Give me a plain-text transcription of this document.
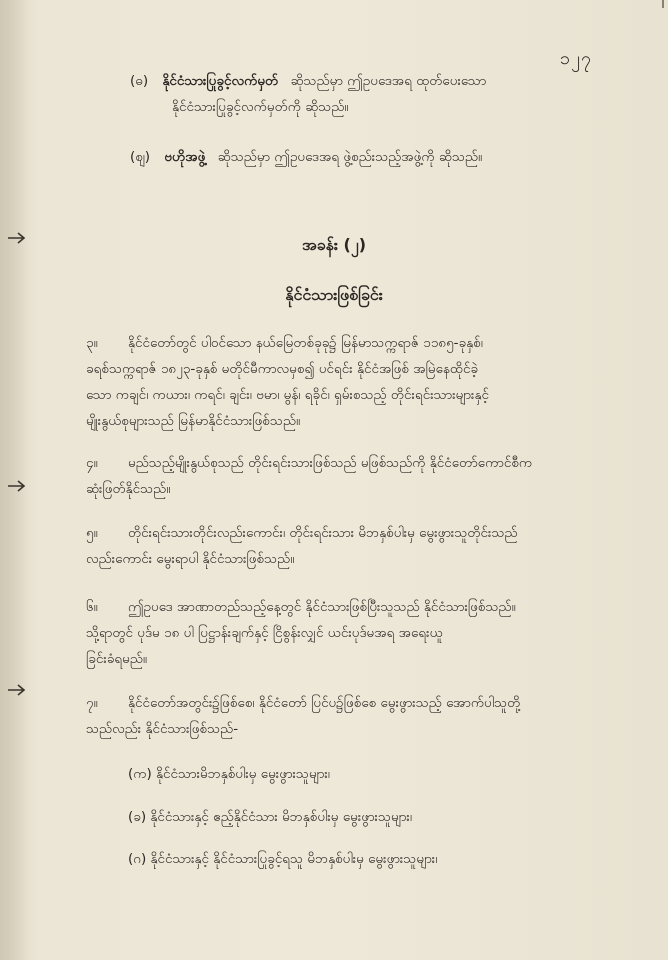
၁၂၇
(ဓ) နိုင်ငံသားပြုခွင့်လက်မှတ် ဆိုသည်မှာ ဤဥပဒေအရ ထုတ်ပေးသော
နိုင်ငံသားပြုခွင့်လက်မှတ်ကို ဆိုသည်။
(ဈ) ဗဟိုအဖွဲ့ ဆိုသည်မှာ ဤဥပဒေအရ ဖွဲ့စည်းသည့်အဖွဲ့ကို ဆိုသည်။
အခန်း (၂)
နိုင်ငံသားဖြစ်ခြင်း
၃။ နိုင်ငံတော်တွင် ပါဝင်သော နယ်မြေတစ်ခုခု၌ မြန်မာသက္ကရာဇ် ၁၁၈၅-ခုနှစ်၊
ခရစ်သက္ကရာဇ် ၁၈၂၃-ခုနှစ် မတိုင်မီကာလမှစ၍ ပင်ရင်း နိုင်ငံအဖြစ် အမြဲနေထိုင်ခဲ့
သော ကချင်၊ ကယား၊ ကရင်၊ ချင်း၊ ဗမာ၊ မွန်၊ ရခိုင်၊ ရှမ်းစသည့် တိုင်းရင်းသားများနှင့်
မျိုးနွယ်စုများသည် မြန်မာနိုင်ငံသားဖြစ်သည်။
၄။ မည်သည့်မျိုးနွယ်စုသည် တိုင်းရင်းသားဖြစ်သည် မဖြစ်သည်ကို နိုင်ငံတော်ကောင်စီက
ဆုံးဖြတ်နိုင်သည်။
၅။ တိုင်းရင်းသားတိုင်းလည်းကောင်း၊ တိုင်းရင်းသား မိဘနှစ်ပါးမှ မွေးဖွားသူတိုင်းသည်
လည်းကောင်း မွေးရာပါ နိုင်ငံသားဖြစ်သည်။
၆။ ဤဥပဒေ အာဏာတည်သည့်နေ့တွင် နိုင်ငံသားဖြစ်ပြီးသူသည် နိုင်ငံသားဖြစ်သည်။
သို့ရာတွင် ပုဒ်မ ၁၈ ပါ ပြဋ္ဌာန်းချက်နှင့် ငြိစွန်းလျှင် ယင်းပုဒ်မအရ အရေးယူ
ခြင်းခံရမည်။
၇။ နိုင်ငံတော်အတွင်း၌ဖြစ်စေ၊ နိုင်ငံတော် ပြင်ပ၌ဖြစ်စေ မွေးဖွားသည့် အောက်ပါသူတို့
သည်လည်း နိုင်ငံသားဖြစ်သည်-
(က) နိုင်ငံသားမိဘနှစ်ပါးမှ မွေးဖွားသူများ၊
(ခ) နိုင်ငံသားနှင့် ဧည့်နိုင်ငံသား မိဘနှစ်ပါးမှ မွေးဖွားသူများ၊
(ဂ) နိုင်ငံသားနှင့် နိုင်ငံသားပြုခွင့်ရသူ မိဘနှစ်ပါးမှ မွေးဖွားသူများ၊
